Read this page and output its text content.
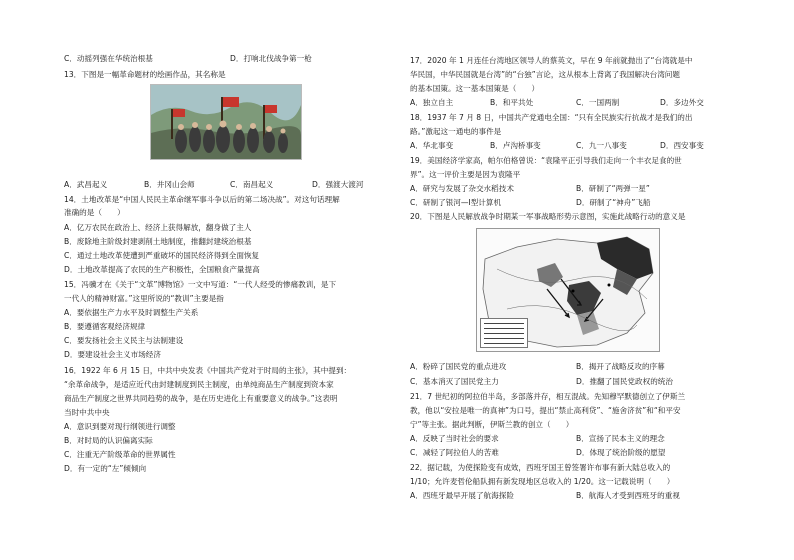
C．动摇列强在华统治根基	D．打响北伐战争第一枪
13．下图是一幅革命题材的绘画作品，其名称是
A．武昌起义	B．井冈山会师	C．南昌起义	D．强渡大渡河
14．土地改革是“中国人民民主革命继军事斗争以后的第二场决战”。对这句话理解
准确的是（　　）
A．亿万农民在政治上、经济上获得解放，翻身做了主人
B．废除地主阶级封建剥削土地制度，推翻封建统治根基
C．通过土地改革使遭到严重破坏的国民经济得到全面恢复
D．土地改革提高了农民的生产积极性，全国粮食产量提高
15．冯骥才在《关于“文革”博物馆》一文中写道：“一代人经受的惨痛教训，是下
一代人的精神财富。”这里所说的“教训”主要是指
A．要依据生产力水平及时调整生产关系
B．要遵循客观经济规律
C．要发扬社会主义民主与法制建设
D．要建设社会主义市场经济
16．1922 年 6 月 15 日，中共中央发表《中国共产党对于时局的主张》，其中提到：
“余革命战争，是适应近代由封建制度到民主制度，由单纯商品生产制度到资本家
商品生产制度之世界共同趋势的战争，是在历史进化上有重要意义的战争。”这表明
当时中共中央
A．意识到要对现行纲领进行调整
B．对时局的认识偏离实际
C．注重无产阶级革命的世界属性
D．有一定的“左”倾倾向
17．2020 年 1 月连任台湾地区领导人的蔡英文，早在 9 年前就抛出了“台湾就是中
华民国，中华民国就是台湾”的“台独”言论，这从根本上背离了我国解决台湾问题
的基本国策。这一基本国策是（　　）
A．独立自主	B．和平共处	C．一国两制	D．多边外交
18．1937 年 7 月 8 日，中国共产党通电全国：“只有全民族实行抗战才是我们的出
路。”激起这一通电的事件是
A．华北事变	B．卢沟桥事变	C．九一八事变	D．西安事变
19．美国经济学家高，帕尔伯格曾说：“袁隆平正引导我们走向一个丰衣足食的世
界”。这一评价主要是因为袁隆平
A．研究与发展了杂交水稻技术	B．研制了“两弹一星”
C．研制了银河—Ⅰ型计算机	D．研制了“神舟”飞船
20．下图是人民解放战争时期某一军事战略形势示意图，实施此战略行动的意义是
A．粉碎了国民党的重点进攻	B．揭开了战略反攻的序幕
C．基本消灭了国民党主力	D．推翻了国民党政权的统治
21．7 世纪初的阿拉伯半岛，多部落并存，相互混战。先知穆罕默德创立了伊斯兰
教，他以“安拉是唯一的真神”为口号，提出“禁止高利贷”、“施舍济贫”和“和平安
宁”等主张。据此判断，伊斯兰教的创立（　　）
A．反映了当时社会的要求	B．宣扬了民本主义的理念
C．减轻了阿拉伯人的苦难	D．体现了统治阶级的愿望
22．据记载，为使探险变有成效，西班牙国王曾签署许布事有新大陆总收入的
1/10；允许麦哲伦船队拥有新发现地区总收入的 1/20。这一记载说明（　　）
A．西班牙最早开展了航海探险	B．航海人才受到西班牙的重视
